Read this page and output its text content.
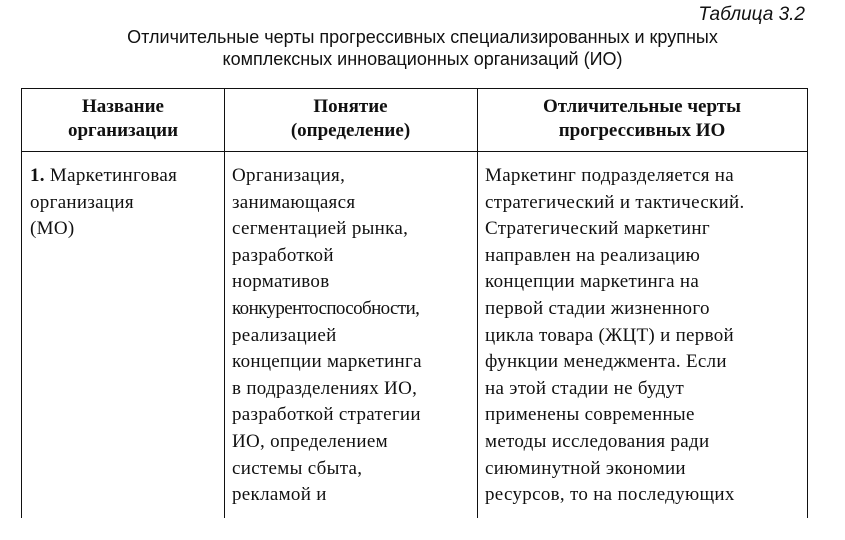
Таблица 3.2
Отличительные черты прогрессивных специализированных и крупных
комплексных инновационных организаций (ИО)
Название
организации
Понятие
(определение)
Отличительные черты
прогрессивных ИО
1. Маркетинговая
организация
(МО)
Организация,
занимающаяся
сегментацией рынка,
разработкой
нормативов
конкурентоспособности,
реализацией
концепции маркетинга
в подразделениях ИО,
разработкой стратегии
ИО, определением
системы сбыта,
рекламой и
Маркетинг подразделяется на
стратегический и тактический.
Стратегический маркетинг
направлен на реализацию
концепции маркетинга на
первой стадии жизненного
цикла товара (ЖЦТ) и первой
функции менеджмента. Если
на этой стадии не будут
применены современные
методы исследования ради
сиюминутной экономии
ресурсов, то на последующих
